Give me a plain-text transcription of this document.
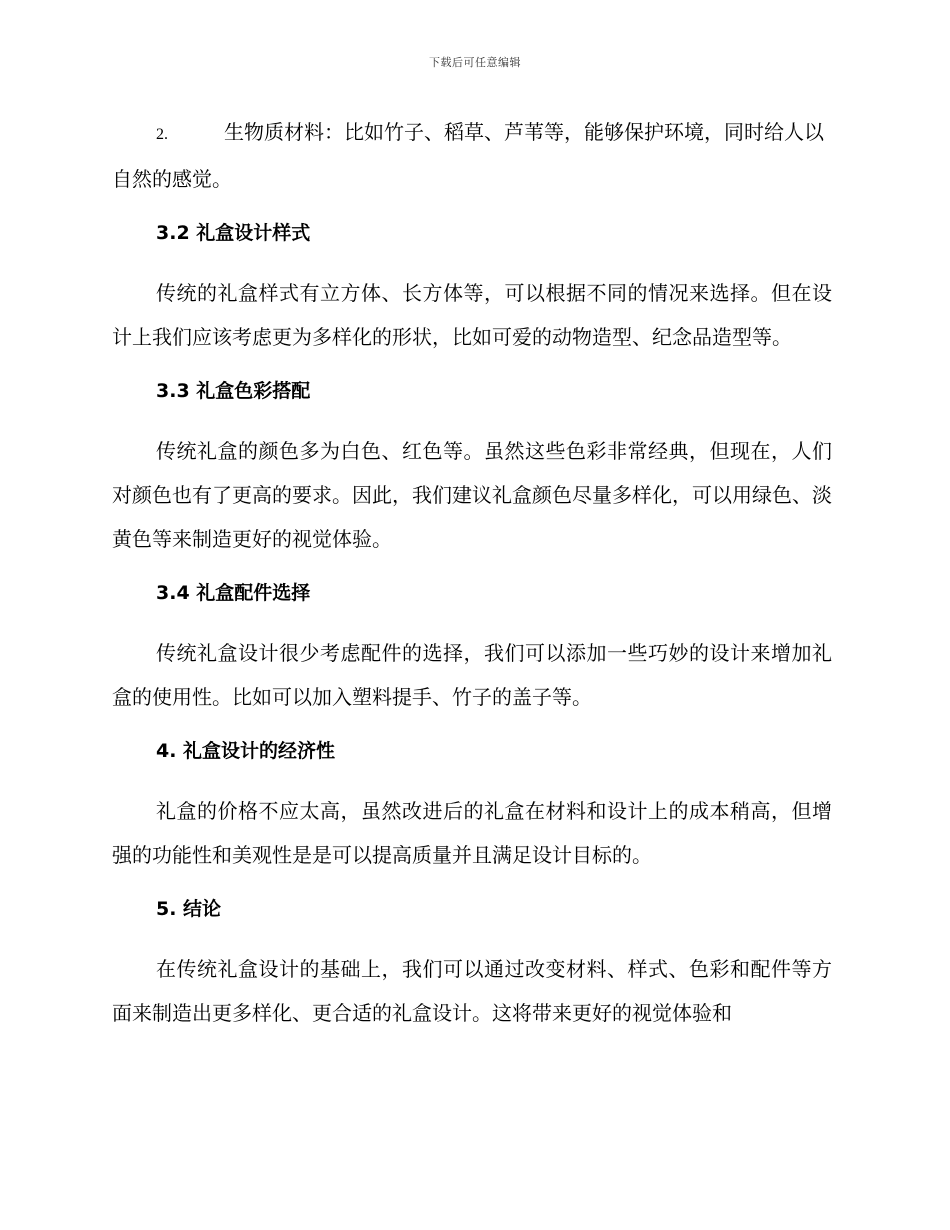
下载后可任意编辑

2.	生物质材料：比如竹子、稻草、芦苇等，能够保护环境，同时给人以自然的感觉。

3.2 礼盒设计样式

传统的礼盒样式有立方体、长方体等，可以根据不同的情况来选择。但在设计上我们应该考虑更为多样化的形状，比如可爱的动物造型、纪念品造型等。

3.3 礼盒色彩搭配

传统礼盒的颜色多为白色、红色等。虽然这些色彩非常经典，但现在，人们对颜色也有了更高的要求。因此，我们建议礼盒颜色尽量多样化，可以用绿色、淡黄色等来制造更好的视觉体验。

3.4 礼盒配件选择

传统礼盒设计很少考虑配件的选择，我们可以添加一些巧妙的设计来增加礼盒的使用性。比如可以加入塑料提手、竹子的盖子等。

4. 礼盒设计的经济性

礼盒的价格不应太高，虽然改进后的礼盒在材料和设计上的成本稍高，但增强的功能性和美观性是是可以提高质量并且满足设计目标的。

5. 结论

在传统礼盒设计的基础上，我们可以通过改变材料、样式、色彩和配件等方面来制造出更多样化、更合适的礼盒设计。这将带来更好的视觉体验和
